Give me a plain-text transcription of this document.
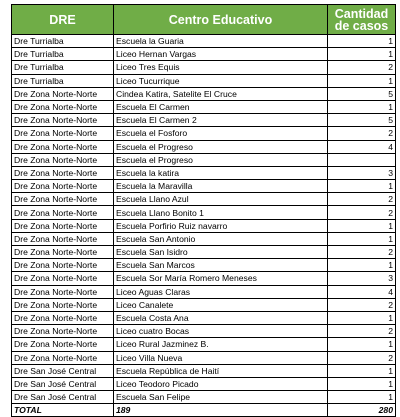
DRE	Centro Educativo	Cantidad de casos
Dre Turrialba	Escuela la Guaria	1
Dre Turrialba	Liceo Hernan Vargas	1
Dre Turrialba	Liceo Tres Equis	2
Dre Turrialba	Liceo Tucurrique	1
Dre Zona Norte-Norte	Cindea Katira, Satelite El Cruce	5
Dre Zona Norte-Norte	Escuela El Carmen	1
Dre Zona Norte-Norte	Escuela El Carmen 2	5
Dre Zona Norte-Norte	Escuela el Fosforo	2
Dre Zona Norte-Norte	Escuela el Progreso	4
Dre Zona Norte-Norte	Escuela el Progreso	
Dre Zona Norte-Norte	Escuela la katira	3
Dre Zona Norte-Norte	Escuela la Maravilla	1
Dre Zona Norte-Norte	Escuela Llano Azul	2
Dre Zona Norte-Norte	Escuela Llano Bonito 1	2
Dre Zona Norte-Norte	Escuela Porfirio Ruiz navarro	1
Dre Zona Norte-Norte	Escuela San Antonio	1
Dre Zona Norte-Norte	Escuela San Isidro	2
Dre Zona Norte-Norte	Escuela San Marcos	1
Dre Zona Norte-Norte	Escuela Sor María Romero Meneses	3
Dre Zona Norte-Norte	Liceo Aguas Claras	4
Dre Zona Norte-Norte	Liceo Canalete	2
Dre Zona Norte-Norte	Escuela Costa Ana	1
Dre Zona Norte-Norte	Liceo cuatro Bocas	2
Dre Zona Norte-Norte	Liceo Rural Jazminez B.	1
Dre Zona Norte-Norte	Liceo Villa Nueva	2
Dre San José Central	Escuela República de Haití	1
Dre San José Central	Liceo Teodoro Picado	1
Dre San José Central	Escuela San Felipe	1
TOTAL	189	280
